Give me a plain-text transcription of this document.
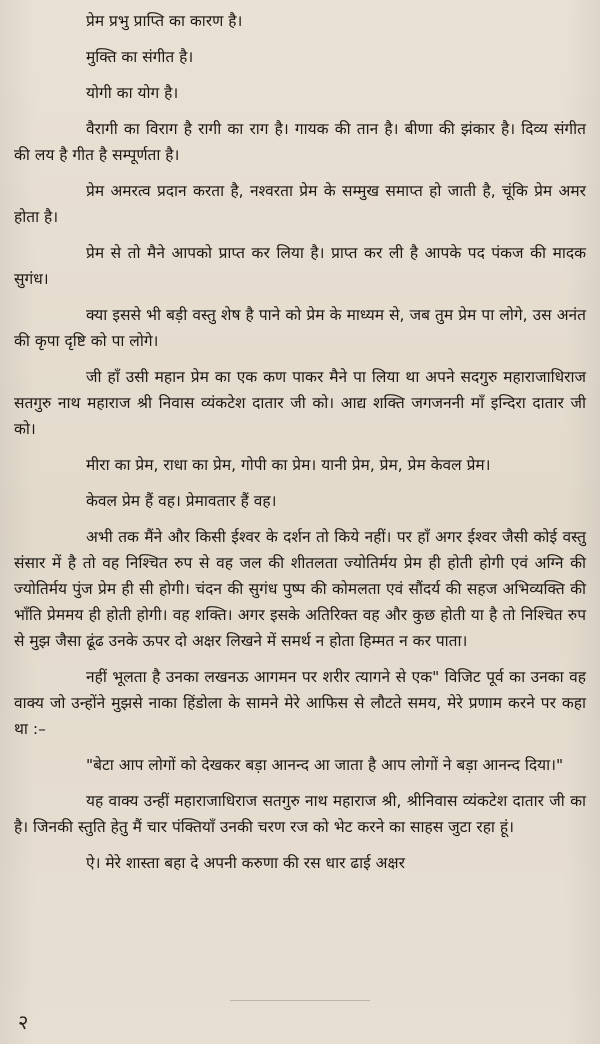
प्रेम प्रभु प्राप्ति का कारण है।

मुक्ति का संगीत है।

योगी का योग है।

वैरागी का विराग है रागी का राग है। गायक की तान है। बीणा की झंकार है। दिव्य संगीत की लय है गीत है सम्पूर्णता है।

प्रेम अमरत्व प्रदान करता है, नश्वरता प्रेम के सम्मुख समाप्त हो जाती है, चूंकि प्रेम अमर होता है।

प्रेम से तो मैने आपको प्राप्त कर लिया है। प्राप्त कर ली है आपके पद पंकज की मादक सुगंध।

क्या इससे भी बड़ी वस्तु शेष है पाने को प्रेम के माध्यम से, जब तुम प्रेम पा लोगे, उस अनंत की कृपा दृष्टि को पा लोगे।

जी हाँ उसी महान प्रेम का एक कण पाकर मैने पा लिया था अपने सदगुरु महाराजाधिराज सतगुरु नाथ महाराज श्री निवास व्यंकटेश दातार जी को। आद्य शक्ति जगजननी माँ इन्दिरा दातार जी को।

मीरा का प्रेम, राधा का प्रेम, गोपी का प्रेम। यानी प्रेम, प्रेम, प्रेम केवल प्रेम।

केवल प्रेम हैं वह। प्रेमावतार हैं वह।

अभी तक मैंने और किसी ईश्वर के दर्शन तो किये नहीं। पर हाँ अगर ईश्वर जैसी कोई वस्तु संसार में है तो वह निश्चित रुप से वह जल की शीतलता ज्योतिर्मय प्रेम ही होती होगी एवं अग्नि की ज्योतिर्मय पुंज प्रेम ही सी होगी। चंदन की सुगंध पुष्प की कोमलता एवं सौंदर्य की सहज अभिव्यक्ति की भाँति प्रेममय ही होती होगी। वह शक्ति। अगर इसके अतिरिक्त वह और कुछ होती या है तो निश्चित रुप से मुझ जैसा ढूंढ उनके ऊपर दो अक्षर लिखने में समर्थ न होता हिम्मत न कर पाता।

नहीं भूलता है उनका लखनऊ आगमन पर शरीर त्यागने से एक" विजिट पूर्व का उनका वह वाक्य जो उन्होंने मुझसे नाका हिंडोला के सामने मेरे आफिस से लौटते समय, मेरे प्रणाम करने पर कहा था :–

"बेटा आप लोगों को देखकर बड़ा आनन्द आ जाता है आप लोगों ने बड़ा आनन्द दिया।"

यह वाक्य उन्हीं महाराजाधिराज सतगुरु नाथ महाराज श्री, श्रीनिवास व्यंकटेश दातार जी का है। जिनकी स्तुति हेतु मैं चार पंक्तियाँ उनकी चरण रज को भेट करने का साहस जुटा रहा हूं।

ऐ। मेरे शास्ता बहा दे अपनी करुणा की रस धार ढाई अक्षर

२
